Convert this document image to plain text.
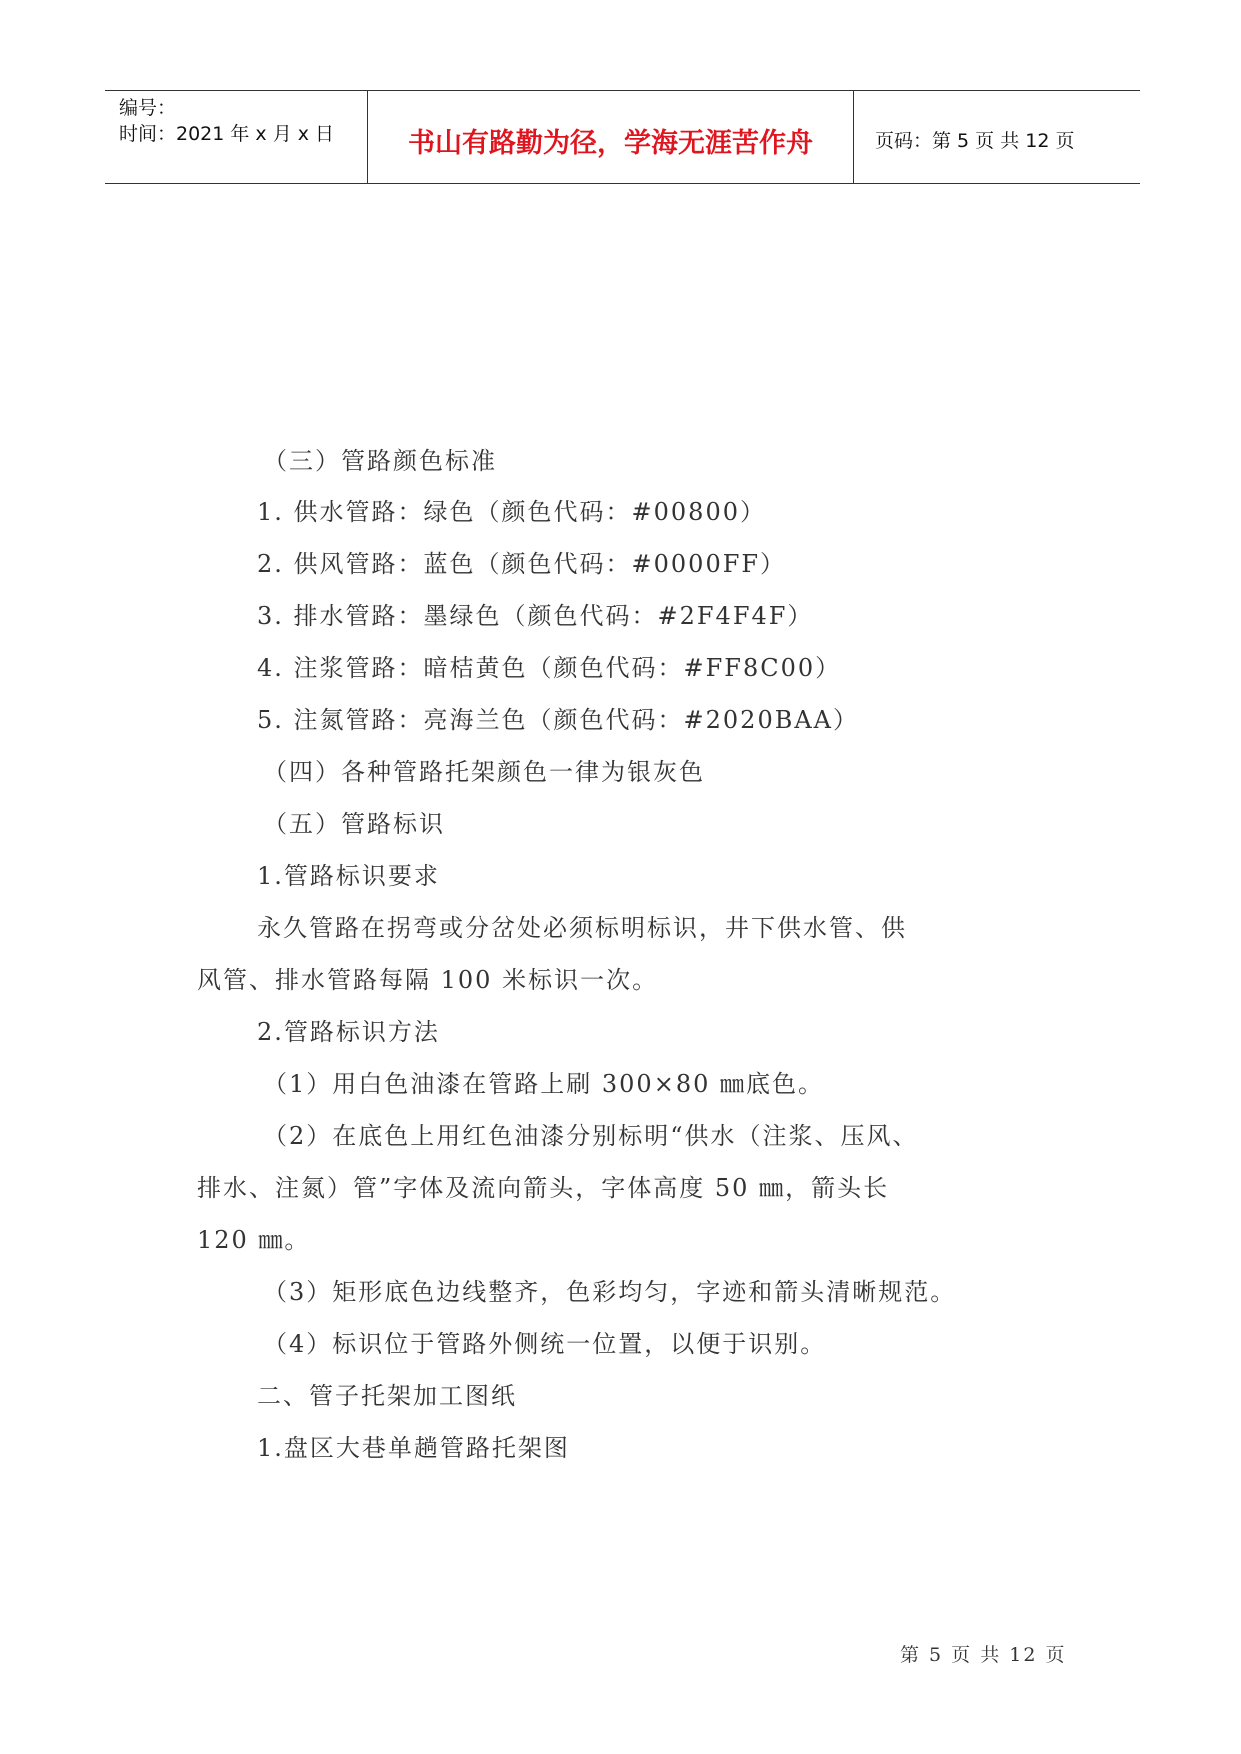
编号：
时间：2021 年 x 月 x 日	书山有路勤为径，学海无涯苦作舟	页码：第 5 页 共 12 页
（三）管路颜色标准
1. 供水管路：绿色（颜色代码：#00800）
2. 供风管路：蓝色（颜色代码：#0000FF）
3. 排水管路：墨绿色（颜色代码：#2F4F4F）
4. 注浆管路：暗桔黄色（颜色代码：#FF8C00）
5. 注氮管路：亮海兰色（颜色代码：#2020BAA）
（四）各种管路托架颜色一律为银灰色
（五）管路标识
1.管路标识要求
永久管路在拐弯或分岔处必须标明标识，井下供水管、供
风管、排水管路每隔 100 米标识一次。
2.管路标识方法
（1）用白色油漆在管路上刷 300×80 ㎜底色。
（2）在底色上用红色油漆分别标明“供水（注浆、压风、
排水、注氮）管”字体及流向箭头，字体高度 50 ㎜，箭头长
120 ㎜。
（3）矩形底色边线整齐，色彩均匀，字迹和箭头清晰规范。
（4）标识位于管路外侧统一位置，以便于识别。
二、管子托架加工图纸
1.盘区大巷单趟管路托架图
第 5 页 共 12 页
